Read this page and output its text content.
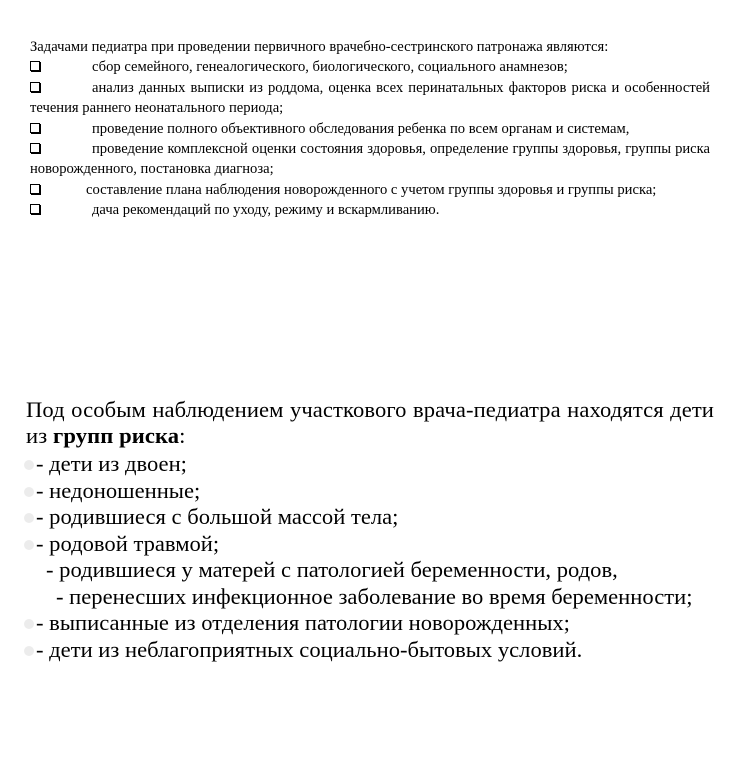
Задачами педиатра при проведении первичного врачебно-сестринского патронажа являются:

сбор семейного, генеалогического, биологического, социального анамнезов;

анализ данных выписки из роддома, оценка всех перинатальных факторов риска и особенностей течения раннего неонатального периода;

проведение полного объективного обследования ребенка по всем органам и системам,

проведение комплексной оценки состояния здоровья, определение группы здоровья, группы риска новорожденного, постановка диагноза;

составление плана наблюдения новорожденного с учетом группы здоровья и группы риска;

дача рекомендаций по уходу, режиму и вскармливанию.

Под особым наблюдением участкового врача-педиатра находятся дети из групп риска:

- дети из двоен;

- недоношенные;

- родившиеся с большой массой тела;

- родовой травмой;

- родившиеся у матерей с патологией беременности, родов,

- перенесших инфекционное заболевание во время беременности;

- выписанные из отделения патологии новорожденных;

- дети из неблагоприятных социально-бытовых условий.
